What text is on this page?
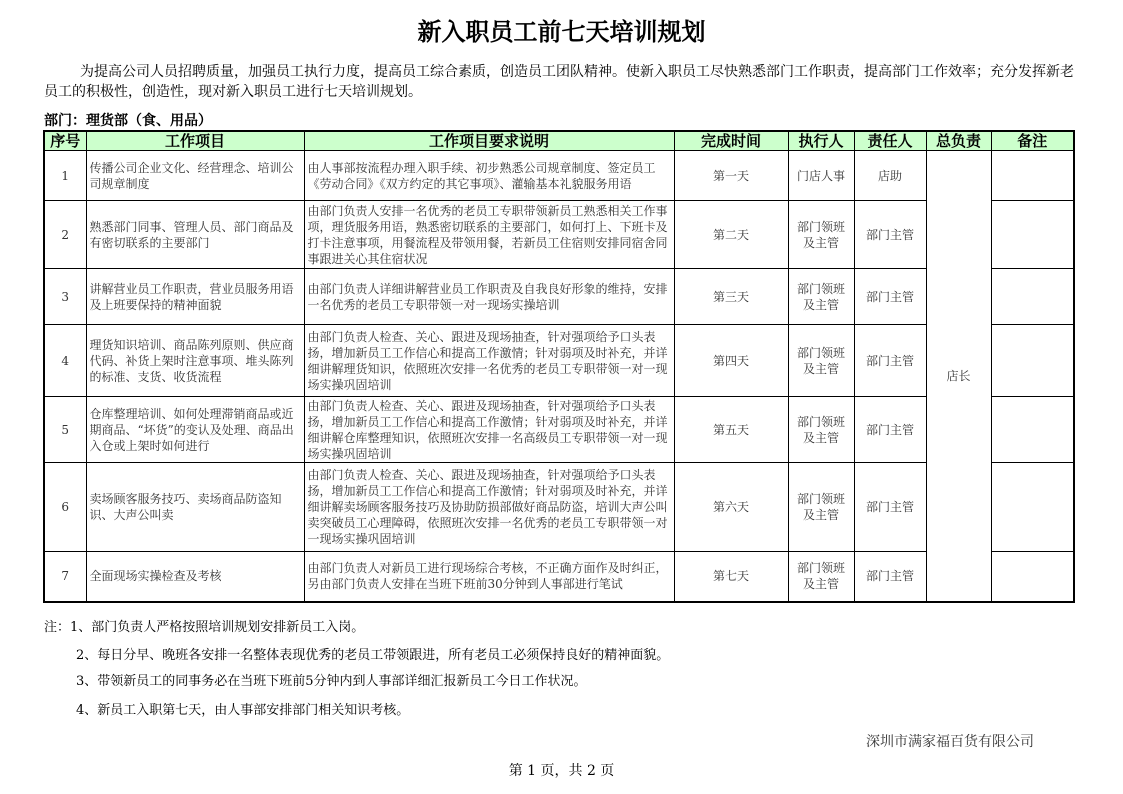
新入职员工前七天培训规划
为提高公司人员招聘质量，加强员工执行力度，提高员工综合素质，创造员工团队精神。使新入职员工尽快熟悉部门工作职责，提高部门工作效率；充分发挥新老员工的积极性，创造性，现对新入职员工进行七天培训规划。
部门：理货部（食、用品）
序号	工作项目	工作项目要求说明	完成时间	执行人	责任人	总负责	备注
1	传播公司企业文化、经营理念、培训公司规章制度	由人事部按流程办理入职手续、初步熟悉公司规章制度、签定员工《劳动合同》《双方约定的其它事项》、灌输基本礼貌服务用语	第一天	门店人事	店助	店长	
2	熟悉部门同事、管理人员、部门商品及有密切联系的主要部门	由部门负责人安排一名优秀的老员工专职带领新员工熟悉相关工作事项，理货服务用语，熟悉密切联系的主要部门，如何打上、下班卡及打卡注意事项，用餐流程及带领用餐，若新员工住宿则安排同宿舍同事跟进关心其住宿状况	第二天	部门领班及主管	部门主管		
3	讲解营业员工作职责，营业员服务用语及上班要保持的精神面貌	由部门负责人详细讲解营业员工作职责及自我良好形象的维持，安排一名优秀的老员工专职带领一对一现场实操培训	第三天	部门领班及主管	部门主管		
4	理货知识培训、商品陈列原则、供应商代码、补货上架时注意事项、堆头陈列的标准、支货、收货流程	由部门负责人检查、关心、跟进及现场抽查，针对强项给予口头表扬，增加新员工工作信心和提高工作激情；针对弱项及时补充，并详细讲解理货知识，依照班次安排一名优秀的老员工专职带领一对一现场实操巩固培训	第四天	部门领班及主管	部门主管		
5	仓库整理培训、如何处理滞销商品或近期商品、“坏货”的变认及处理、商品出入仓或上架时如何进行	由部门负责人检查、关心、跟进及现场抽查，针对强项给予口头表扬，增加新员工工作信心和提高工作激情；针对弱项及时补充，并详细讲解仓库整理知识，依照班次安排一名高级员工专职带领一对一现场实操巩固培训	第五天	部门领班及主管	部门主管		
6	卖场顾客服务技巧、卖场商品防盗知识、大声公叫卖	由部门负责人检查、关心、跟进及现场抽查，针对强项给予口头表扬，增加新员工工作信心和提高工作激情；针对弱项及时补充，并详细讲解卖场顾客服务技巧及协助防损部做好商品防盗，培训大声公叫卖突破员工心理障碍，依照班次安排一名优秀的老员工专职带领一对一现场实操巩固培训	第六天	部门领班及主管	部门主管		
7	全面现场实操检查及考核	由部门负责人对新员工进行现场综合考核，不正确方面作及时纠正，另由部门负责人安排在当班下班前30分钟到人事部进行笔试	第七天	部门领班及主管	部门主管		
注：1、部门负责人严格按照培训规划安排新员工入岗。
2、每日分早、晚班各安排一名整体表现优秀的老员工带领跟进，所有老员工必须保持良好的精神面貌。
3、带领新员工的同事务必在当班下班前5分钟内到人事部详细汇报新员工今日工作状况。
4、新员工入职第七天，由人事部安排部门相关知识考核。
深圳市满家福百货有限公司
第 1 页，共 2 页
